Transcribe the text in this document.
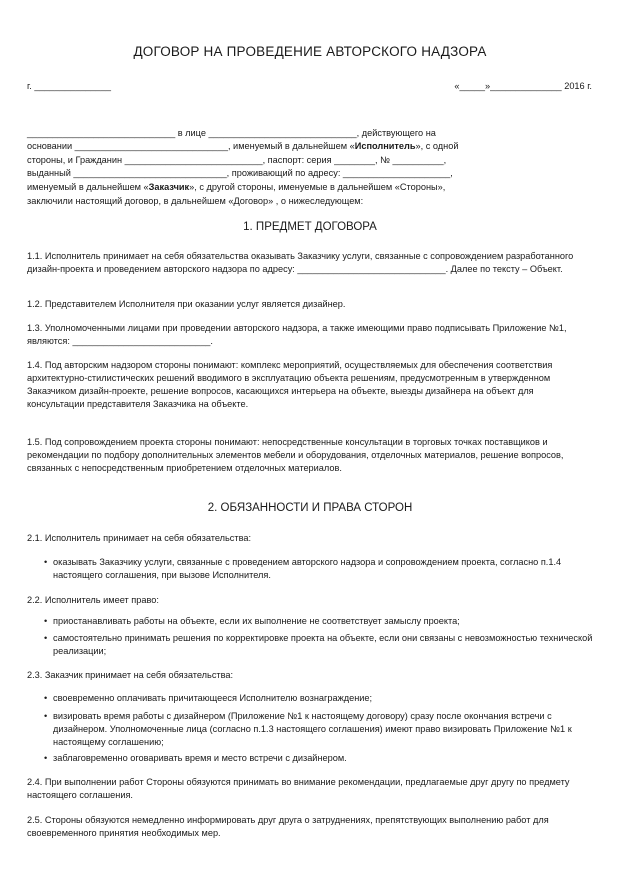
ДОГОВОР НА ПРОВЕДЕНИЕ АВТОРСКОГО НАДЗОРА
г. _______________	«_____»______________ 2016 г.
_____________________________ в лице _____________________________, действующего на
основании ______________________________, именуемый в дальнейшем «Исполнитель», с одной
стороны, и Гражданин ___________________________, паспорт: серия ________, № __________,
выданный ______________________________, проживающий по адресу: _____________________,
именуемый в дальнейшем «Заказчик», с другой стороны, именуемые в дальнейшем «Стороны»,
заключили настоящий договор, в дальнейшем «Договор» , о нижеследующем:
1. ПРЕДМЕТ ДОГОВОРА
1.1. Исполнитель принимает на себя обязательства оказывать Заказчику услуги, связанные с сопровождением разработанного дизайн-проекта и проведением авторского надзора по адресу: _____________________________. Далее по тексту – Объект.
1.2. Представителем Исполнителя при оказании услуг является дизайнер.
1.3. Уполномоченными лицами при проведении авторского надзора, а также имеющими право подписывать Приложение №1, являются: ___________________________.
1.4. Под авторским надзором стороны понимают: комплекс мероприятий, осуществляемых для обеспечения соответствия архитектурно-стилистических решений вводимого в эксплуатацию объекта решениям, предусмотренным в утвержденном Заказчиком дизайн-проекте, решение вопросов, касающихся интерьера на объекте, выезды дизайнера на объект для консультации представителя Заказчика на объекте.
1.5. Под сопровождением проекта стороны понимают: непосредственные консультации в торговых точках поставщиков и рекомендации по подбору дополнительных элементов мебели и оборудования, отделочных материалов, решение вопросов, связанных с непосредственным приобретением отделочных материалов.
2. ОБЯЗАННОСТИ И ПРАВА СТОРОН
2.1. Исполнитель принимает на себя обязательства:
• оказывать Заказчику услуги, связанные с проведением авторского надзора и сопровождением проекта, согласно п.1.4 настоящего соглашения, при вызове Исполнителя.
2.2. Исполнитель имеет право:
• приостанавливать работы на объекте, если их выполнение не соответствует замыслу проекта;
• самостоятельно принимать решения по корректировке проекта на объекте, если они связаны с невозможностью технической реализации;
2.3. Заказчик принимает на себя обязательства:
• своевременно оплачивать причитающееся Исполнителю вознаграждение;
• визировать время работы с дизайнером (Приложение №1 к настоящему договору) сразу после окончания встречи с дизайнером. Уполномоченные лица (согласно п.1.3 настоящего соглашения) имеют право визировать Приложение №1 к настоящему соглашению;
• заблаговременно оговаривать время и место встречи с дизайнером.
2.4. При выполнении работ Стороны обязуются принимать во внимание рекомендации, предлагаемые друг другу по предмету настоящего соглашения.
2.5. Стороны обязуются немедленно информировать друг друга о затруднениях, препятствующих выполнению работ для своевременного принятия необходимых мер.
